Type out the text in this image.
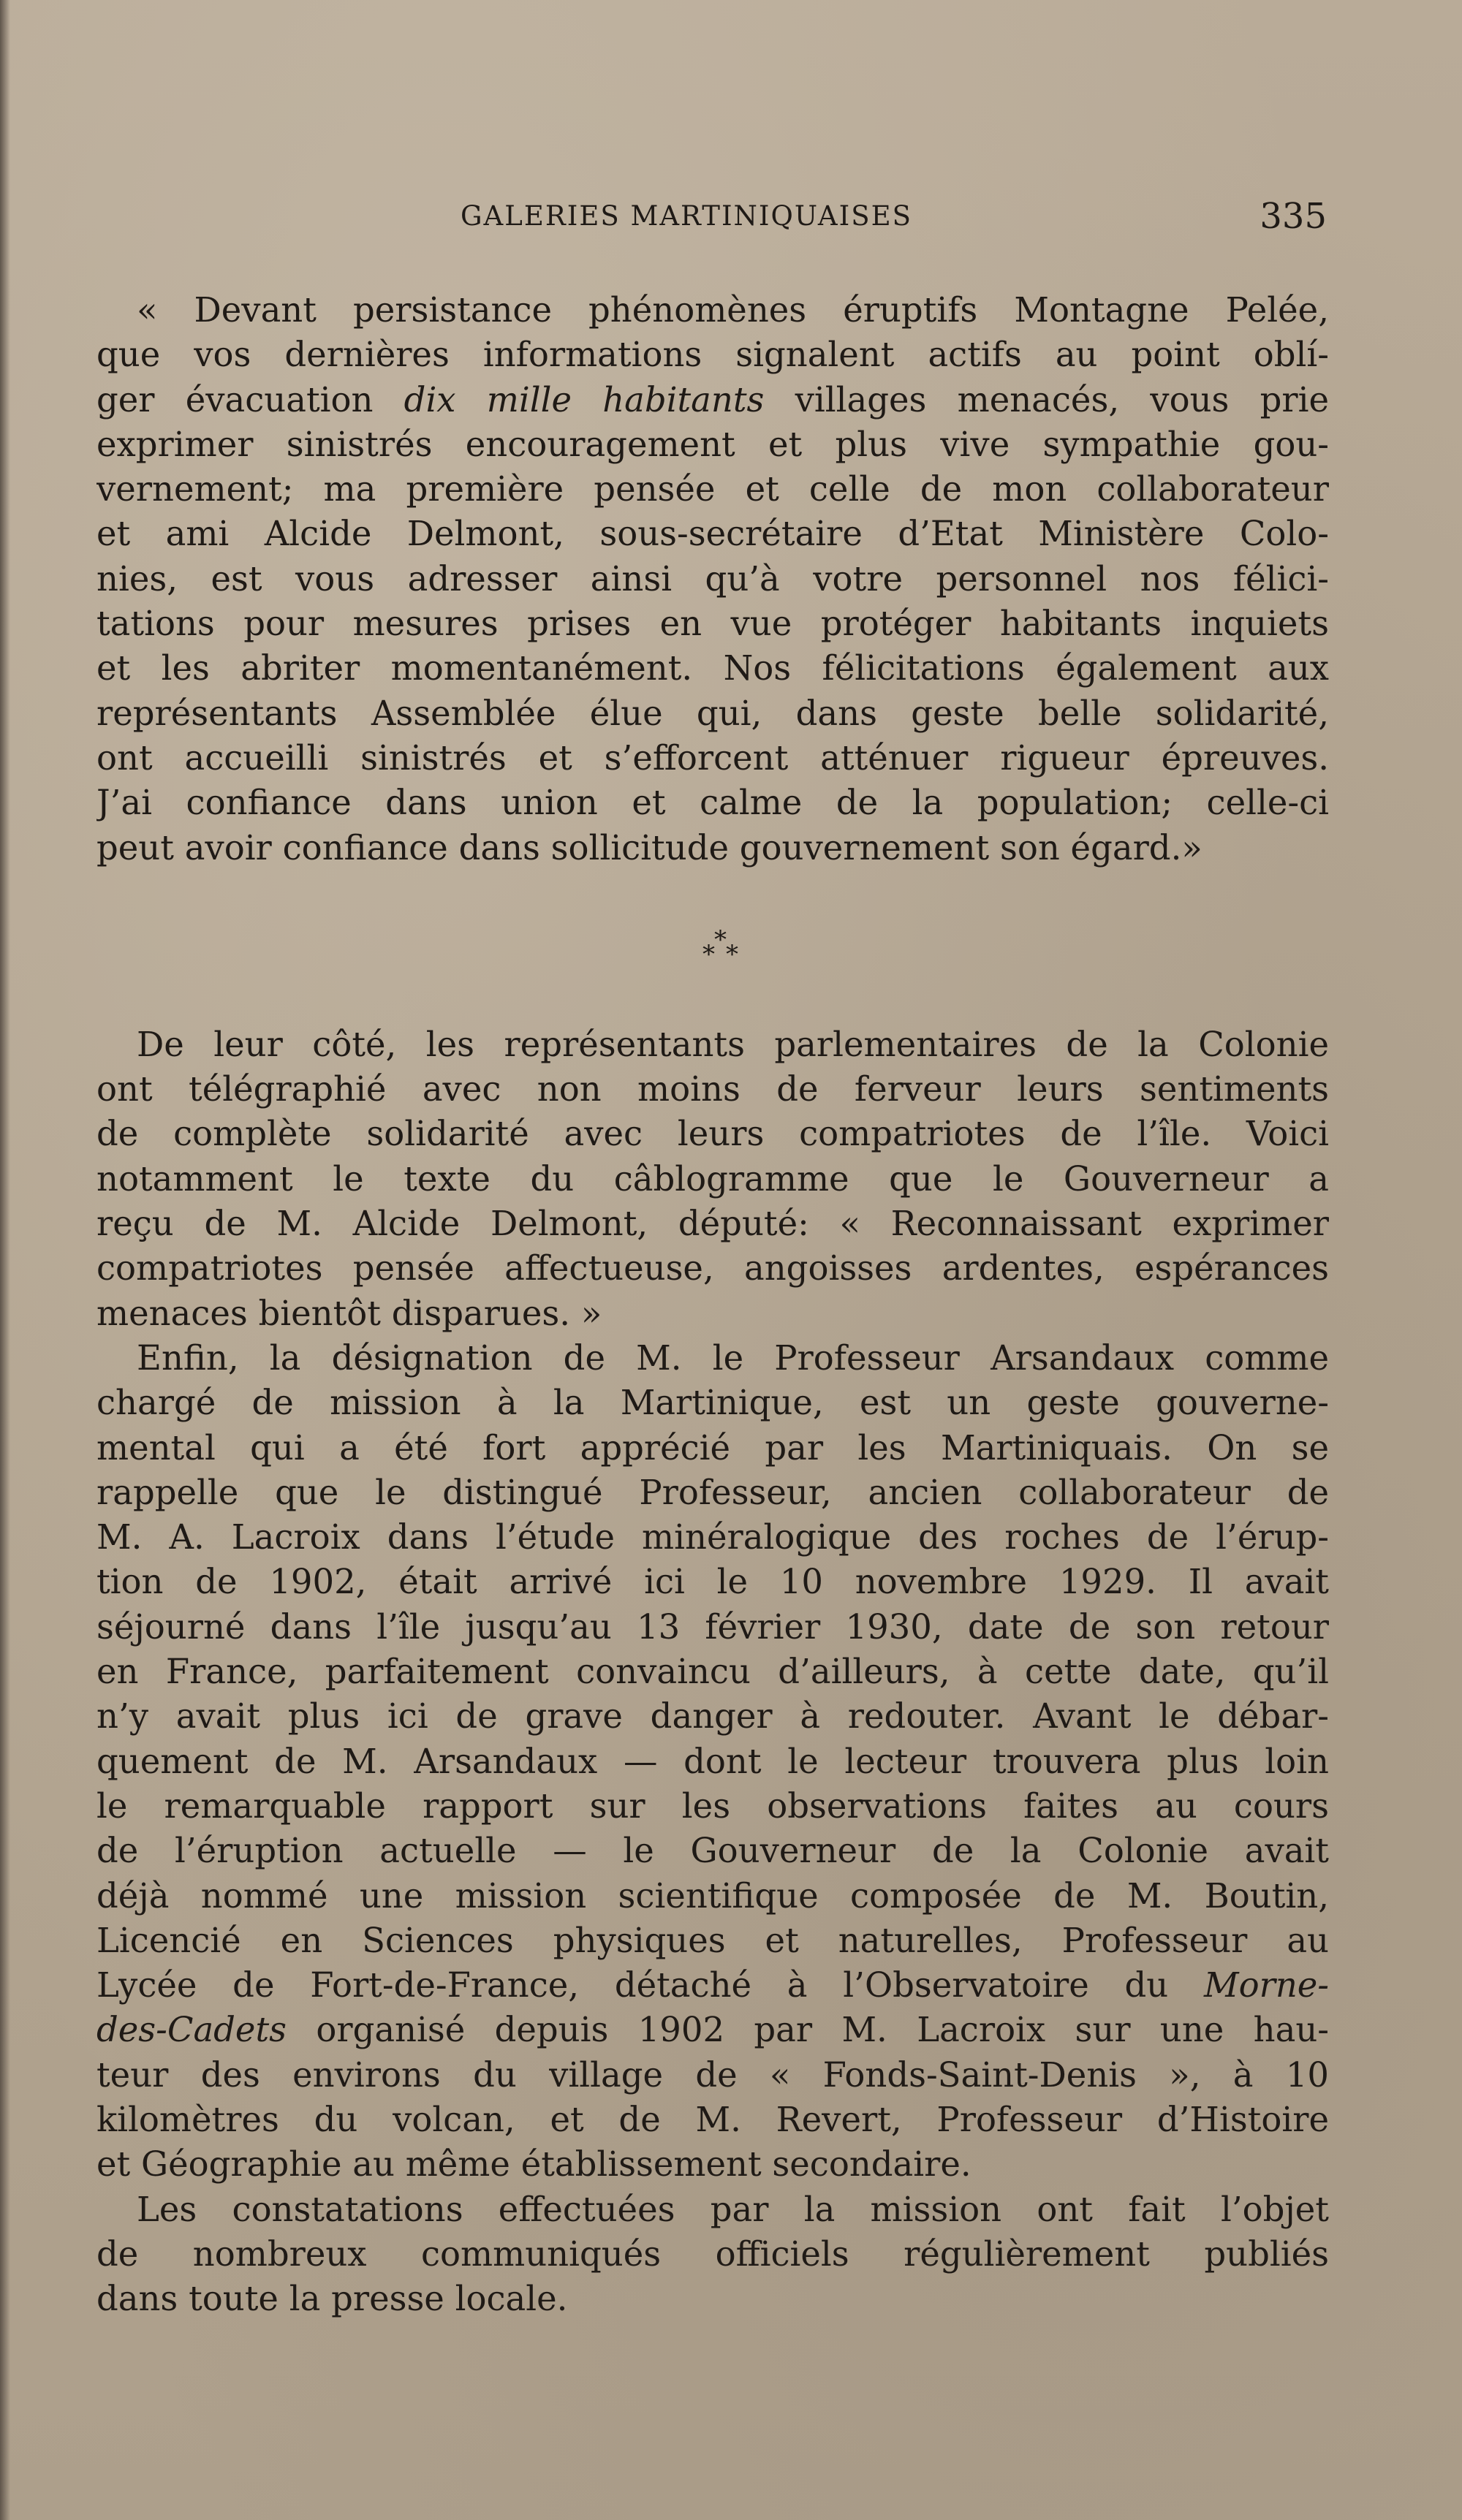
GALERIES MARTINIQUAISES	335
« Devant persistance phénomènes éruptifs Montagne Pelée,
que vos dernières informations signalent actifs au point oblí-
ger évacuation dix mille habitants villages menacés, vous prie
exprimer sinistrés encouragement et plus vive sympathie gou-
vernement; ma première pensée et celle de mon collaborateur
et ami Alcide Delmont, sous-secrétaire d’Etat Ministère Colo-
nies, est vous adresser ainsi qu’à votre personnel nos félici-
tations pour mesures prises en vue protéger habitants inquiets
et les abriter momentanément. Nos félicitations également aux
représentants Assemblée élue qui, dans geste belle solidarité,
ont accueilli sinistrés et s’efforcent atténuer rigueur épreuves.
J’ai confiance dans union et calme de la population; celle-ci
peut avoir confiance dans sollicitude gouvernement son égard.»
*
* *
De leur côté, les représentants parlementaires de la Colonie
ont télégraphié avec non moins de ferveur leurs sentiments
de complète solidarité avec leurs compatriotes de l’île. Voici
notamment le texte du câblogramme que le Gouverneur a
reçu de M. Alcide Delmont, député: « Reconnaissant exprimer
compatriotes pensée affectueuse, angoisses ardentes, espérances
menaces bientôt disparues. »
Enfin, la désignation de M. le Professeur Arsandaux comme
chargé de mission à la Martinique, est un geste gouverne-
mental qui a été fort apprécié par les Martiniquais. On se
rappelle que le distingué Professeur, ancien collaborateur de
M. A. Lacroix dans l’étude minéralogique des roches de l’érup-
tion de 1902, était arrivé ici le 10 novembre 1929. Il avait
séjourné dans l’île jusqu’au 13 février 1930, date de son retour
en France, parfaitement convaincu d’ailleurs, à cette date, qu’il
n’y avait plus ici de grave danger à redouter. Avant le débar-
quement de M. Arsandaux — dont le lecteur trouvera plus loin
le remarquable rapport sur les observations faites au cours
de l’éruption actuelle — le Gouverneur de la Colonie avait
déjà nommé une mission scientifique composée de M. Boutin,
Licencié en Sciences physiques et naturelles, Professeur au
Lycée de Fort-de-France, détaché à l’Observatoire du Morne-
des-Cadets organisé depuis 1902 par M. Lacroix sur une hau-
teur des environs du village de « Fonds-Saint-Denis », à 10
kilomètres du volcan, et de M. Revert, Professeur d’Histoire
et Géographie au même établissement secondaire.
Les constatations effectuées par la mission ont fait l’objet
de nombreux communiqués officiels régulièrement publiés
dans toute la presse locale.
